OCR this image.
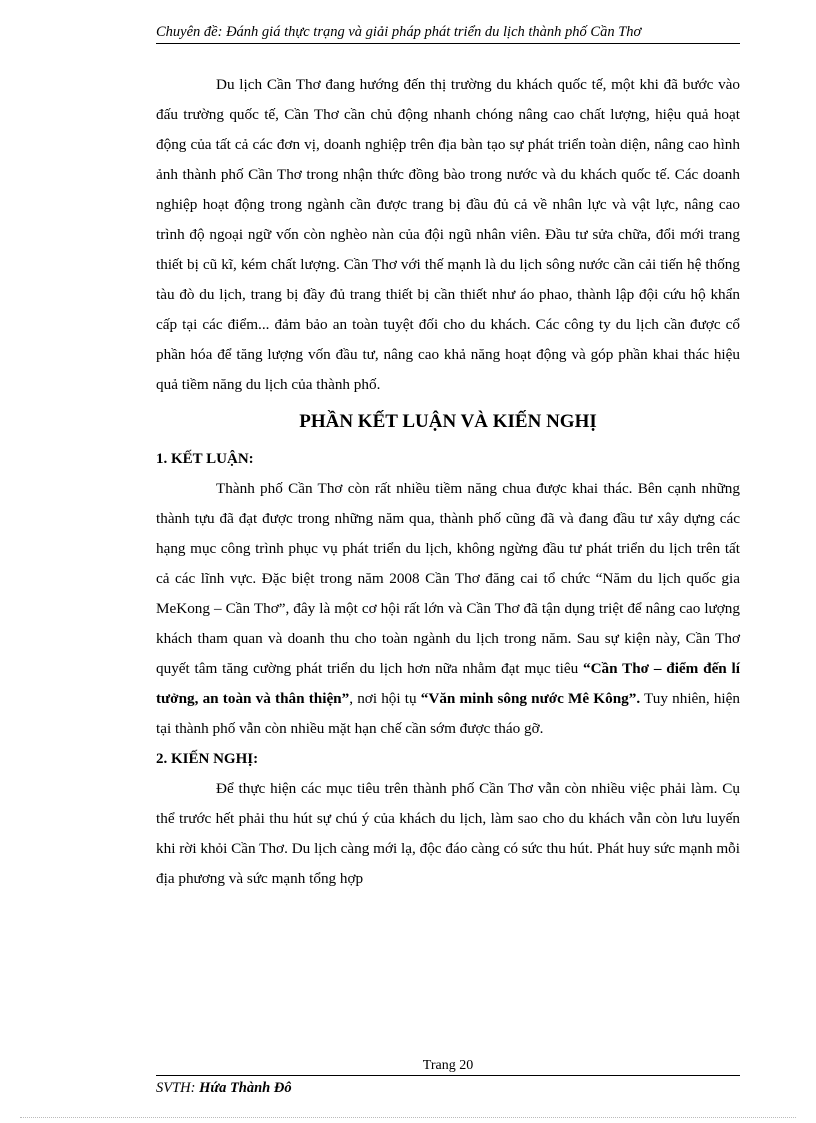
Chuyên đề: Đánh giá thực trạng và giải pháp phát triển du lịch thành phố Cần Thơ

Du lịch Cần Thơ đang hướng đến thị trường du khách quốc tế, một khi đã bước vào đấu trường quốc tế, Cần Thơ cần chủ động nhanh chóng nâng cao chất lượng, hiệu quả hoạt động của tất cả các đơn vị, doanh nghiệp trên địa bàn tạo sự phát triển toàn diện, nâng cao hình ảnh thành phố Cần Thơ trong nhận thức đồng bào trong nước và du khách quốc tế. Các doanh nghiệp hoạt động trong ngành cần được trang bị đầu đủ cả về nhân lực và vật lực, nâng cao trình độ ngoại ngữ vốn còn nghèo nàn của đội ngũ nhân viên. Đầu tư sửa chữa, đổi mới trang thiết bị cũ kĩ, kém chất lượng. Cần Thơ với thế mạnh là du lịch sông nước cần cải tiến hệ thống tàu đò du lịch, trang bị đầy đủ trang thiết bị cần thiết như áo phao, thành lập đội cứu hộ khẩn cấp tại các điểm... đảm bảo an toàn tuyệt đối cho du khách. Các công ty du lịch cần được cổ phần hóa để tăng lượng vốn đầu tư, nâng cao khả năng hoạt động và góp phần khai thác hiệu quả tiềm năng du lịch của thành phố.

PHẦN KẾT LUẬN VÀ KIẾN NGHỊ

1. KẾT LUẬN:

Thành phố Cần Thơ còn rất nhiều tiềm năng chua được khai thác. Bên cạnh những thành tựu đã đạt được trong những năm qua, thành phố cũng đã và đang đầu tư xây dựng các hạng mục công trình phục vụ phát triển du lịch, không ngừng đầu tư phát triển du lịch trên tất cả các lĩnh vực. Đặc biệt trong năm 2008 Cần Thơ đăng cai tổ chức “Năm du lịch quốc gia MeKong – Cần Thơ”, đây là một cơ hội rất lớn và Cần Thơ đã tận dụng triệt để nâng cao lượng khách tham quan và doanh thu cho toàn ngành du lịch trong năm. Sau sự kiện này, Cần Thơ quyết tâm tăng cường phát triển du lịch hơn nữa nhằm đạt mục tiêu “Cần Thơ – điểm đến lí tưởng, an toàn và thân thiện”, nơi hội tụ “Văn minh sông nước Mê Kông”. Tuy nhiên, hiện tại thành phố vẫn còn nhiều mặt hạn chế cần sớm được tháo gỡ.

2. KIẾN NGHỊ:

Để thực hiện các mục tiêu trên thành phố Cần Thơ vẫn còn nhiều việc phải làm. Cụ thể trước hết phải thu hút sự chú ý của khách du lịch, làm sao cho du khách vẫn còn lưu luyến khi rời khỏi Cần Thơ. Du lịch càng mới lạ, độc đáo càng có sức thu hút. Phát huy sức mạnh mỗi địa phương và sức mạnh tổng hợp

Trang 20
SVTH: Hứa Thành Đô
